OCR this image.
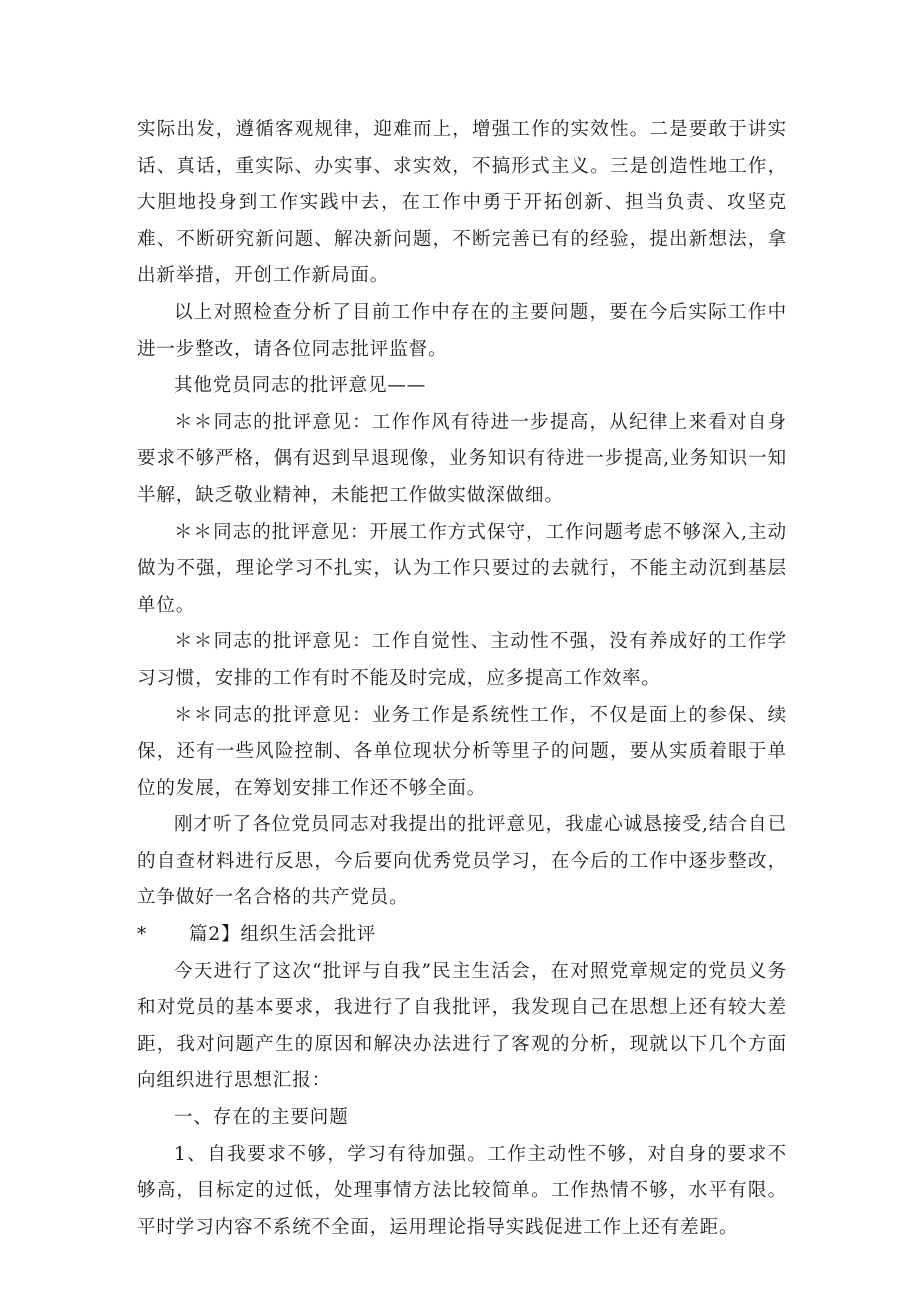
实际出发，遵循客观规律，迎难而上，增强工作的实效性。二是要敢于讲实话、真话，重实际、办实事、求实效，不搞形式主义。三是创造性地工作，大胆地投身到工作实践中去，在工作中勇于开拓创新、担当负责、攻坚克难、不断研究新问题、解决新问题，不断完善已有的经验，提出新想法，拿出新举措，开创工作新局面。

以上对照检查分析了目前工作中存在的主要问题，要在今后实际工作中进一步整改，请各位同志批评监督。

其他党员同志的批评意见——

＊＊同志的批评意见：工作作风有待进一步提高，从纪律上来看对自身要求不够严格，偶有迟到早退现像，业务知识有待进一步提高,业务知识一知半解，缺乏敬业精神，未能把工作做实做深做细。

＊＊同志的批评意见：开展工作方式保守，工作问题考虑不够深入,主动做为不强，理论学习不扎实，认为工作只要过的去就行，不能主动沉到基层单位。

＊＊同志的批评意见：工作自觉性、主动性不强，没有养成好的工作学习习惯，安排的工作有时不能及时完成，应多提高工作效率。

＊＊同志的批评意见：业务工作是系统性工作，不仅是面上的参保、续保，还有一些风险控制、各单位现状分析等里子的问题，要从实质着眼于单位的发展，在筹划安排工作还不够全面。

刚才听了各位党员同志对我提出的批评意见，我虚心诚恳接受,结合自已的自查材料进行反思，今后要向优秀党员学习，在今后的工作中逐步整改，立争做好一名合格的共产党员。

*	篇2】组织生活会批评

今天进行了这次“批评与自我”民主生活会，在对照党章规定的党员义务和对党员的基本要求，我进行了自我批评，我发现自己在思想上还有较大差距，我对问题产生的原因和解决办法进行了客观的分析，现就以下几个方面向组织进行思想汇报：

一、存在的主要问题

1、自我要求不够，学习有待加强。工作主动性不够，对自身的要求不够高，目标定的过低，处理事情方法比较简单。工作热情不够，水平有限。平时学习内容不系统不全面，运用理论指导实践促进工作上还有差距。
